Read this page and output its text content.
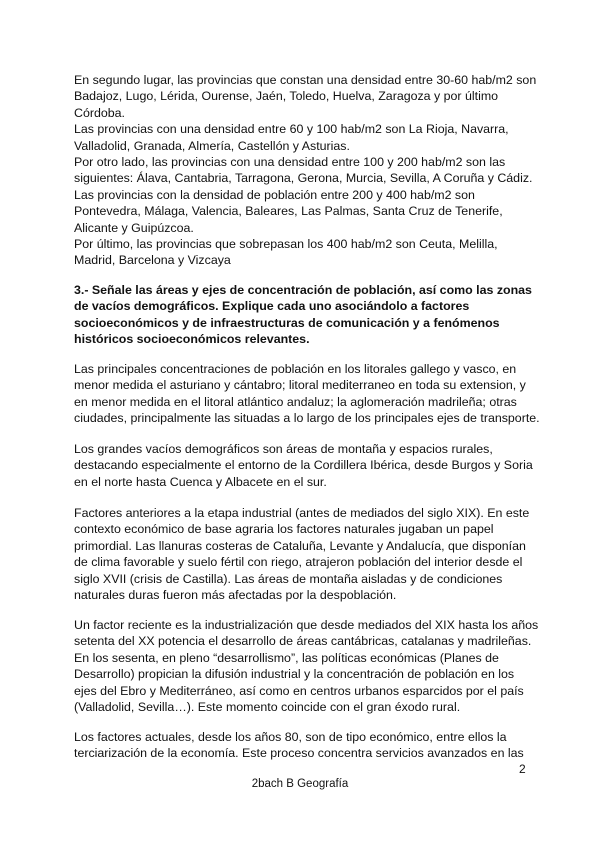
En segundo lugar, las provincias que constan una densidad entre 30-60 hab/m2 son
Badajoz, Lugo, Lérida, Ourense, Jaén, Toledo, Huelva, Zaragoza y por último
Córdoba.
Las provincias con una densidad entre 60 y 100 hab/m2 son La Rioja, Navarra,
Valladolid, Granada, Almería, Castellón y Asturias.
Por otro lado, las provincias con una densidad entre 100 y 200 hab/m2 son las
siguientes: Álava, Cantabria, Tarragona, Gerona, Murcia, Sevilla, A Coruña y Cádiz.
Las provincias con la densidad de población entre 200 y 400 hab/m2 son
Pontevedra, Málaga, Valencia, Baleares, Las Palmas, Santa Cruz de Tenerife,
Alicante y Guipúzcoa.
Por último, las provincias que sobrepasan los 400 hab/m2 son Ceuta, Melilla,
Madrid, Barcelona y Vizcaya
3.- Señale las áreas y ejes de concentración de población, así como las zonas
de vacíos demográficos. Explique cada uno asociándolo a factores
socioeconómicos y de infraestructuras de comunicación y a fenómenos
históricos socioeconómicos relevantes.
Las principales concentraciones de población en los litorales gallego y vasco, en
menor medida el asturiano y cántabro; litoral mediterraneo en toda su extension, y
en menor medida en el litoral atlántico andaluz; la aglomeración madrileña; otras
ciudades, principalmente las situadas a lo largo de los principales ejes de transporte.
Los grandes vacíos demográficos son áreas de montaña y espacios rurales,
destacando especialmente el entorno de la Cordillera Ibérica, desde Burgos y Soria
en el norte hasta Cuenca y Albacete en el sur.
Factores anteriores a la etapa industrial (antes de mediados del siglo XIX). En este
contexto económico de base agraria los factores naturales jugaban un papel
primordial. Las llanuras costeras de Cataluña, Levante y Andalucía, que disponían
de clima favorable y suelo fértil con riego, atrajeron población del interior desde el
siglo XVII (crisis de Castilla). Las áreas de montaña aisladas y de condiciones
naturales duras fueron más afectadas por la despoblación.
Un factor reciente es la industrialización que desde mediados del XIX hasta los años
setenta del XX potencia el desarrollo de áreas cantábricas, catalanas y madrileñas.
En los sesenta, en pleno “desarrollismo”, las políticas económicas (Planes de
Desarrollo) propician la difusión industrial y la concentración de población en los
ejes del Ebro y Mediterráneo, así como en centros urbanos esparcidos por el país
(Valladolid, Sevilla…). Este momento coincide con el gran éxodo rural.
Los factores actuales, desde los años 80, son de tipo económico, entre ellos la
terciarización de la economía. Este proceso concentra servicios avanzados en las
2
2bach B Geografía
